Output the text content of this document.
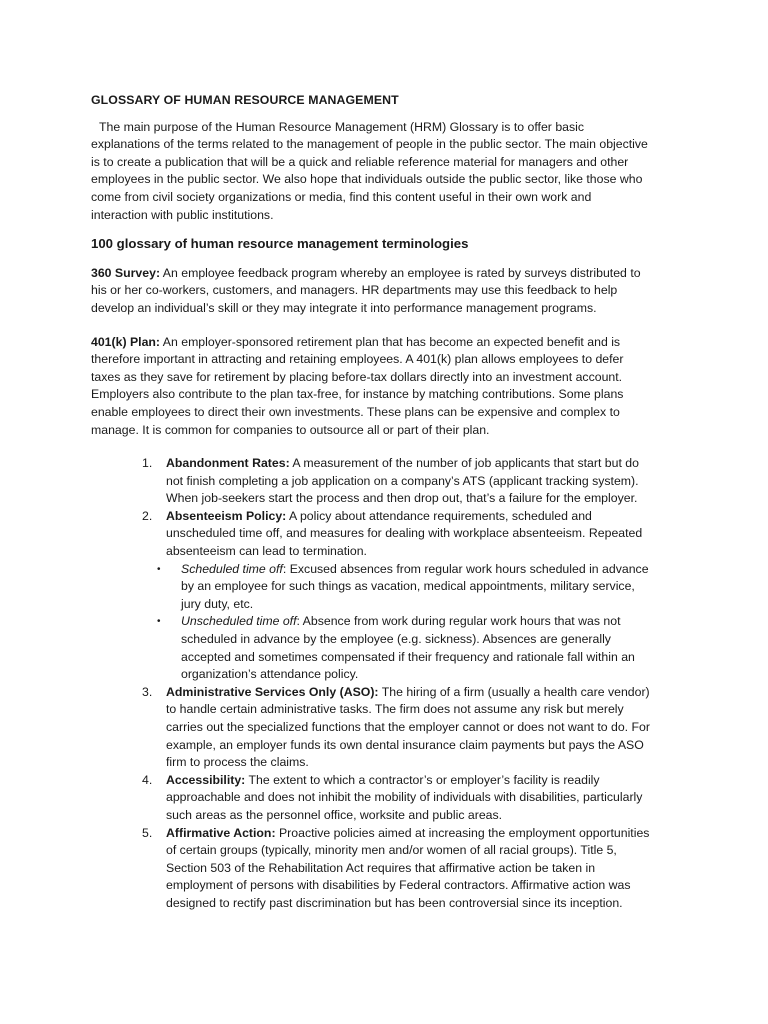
GLOSSARY OF HUMAN RESOURCE MANAGEMENT

The main purpose of the Human Resource Management (HRM) Glossary is to offer basic explanations of the terms related to the management of people in the public sector. The main objective is to create a publication that will be a quick and reliable reference material for managers and other employees in the public sector. We also hope that individuals outside the public sector, like those who come from civil society organizations or media, find this content useful in their own work and interaction with public institutions.

100 glossary of human resource management terminologies
360 Survey: An employee feedback program whereby an employee is rated by surveys distributed to his or her co-workers, customers, and managers. HR departments may use this feedback to help develop an individual’s skill or they may integrate it into performance management programs.
401(k) Plan: An employer-sponsored retirement plan that has become an expected benefit and is therefore important in attracting and retaining employees. A 401(k) plan allows employees to defer taxes as they save for retirement by placing before-tax dollars directly into an investment account. Employers also contribute to the plan tax-free, for instance by matching contributions. Some plans enable employees to direct their own investments. These plans can be expensive and complex to manage. It is common for companies to outsource all or part of their plan.
1. Abandonment Rates: A measurement of the number of job applicants that start but do not finish completing a job application on a company’s ATS (applicant tracking system). When job-seekers start the process and then drop out, that’s a failure for the employer.
2. Absenteeism Policy: A policy about attendance requirements, scheduled and unscheduled time off, and measures for dealing with workplace absenteeism. Repeated absenteeism can lead to termination.
• Scheduled time off: Excused absences from regular work hours scheduled in advance by an employee for such things as vacation, medical appointments, military service, jury duty, etc.
• Unscheduled time off: Absence from work during regular work hours that was not scheduled in advance by the employee (e.g. sickness). Absences are generally accepted and sometimes compensated if their frequency and rationale fall within an organization’s attendance policy.
3. Administrative Services Only (ASO): The hiring of a firm (usually a health care vendor) to handle certain administrative tasks. The firm does not assume any risk but merely carries out the specialized functions that the employer cannot or does not want to do. For example, an employer funds its own dental insurance claim payments but pays the ASO firm to process the claims.
4. Accessibility: The extent to which a contractor’s or employer’s facility is readily approachable and does not inhibit the mobility of individuals with disabilities, particularly such areas as the personnel office, worksite and public areas.
5. Affirmative Action: Proactive policies aimed at increasing the employment opportunities of certain groups (typically, minority men and/or women of all racial groups). Title 5, Section 503 of the Rehabilitation Act requires that affirmative action be taken in employment of persons with disabilities by Federal contractors. Affirmative action was designed to rectify past discrimination but has been controversial since its inception.
